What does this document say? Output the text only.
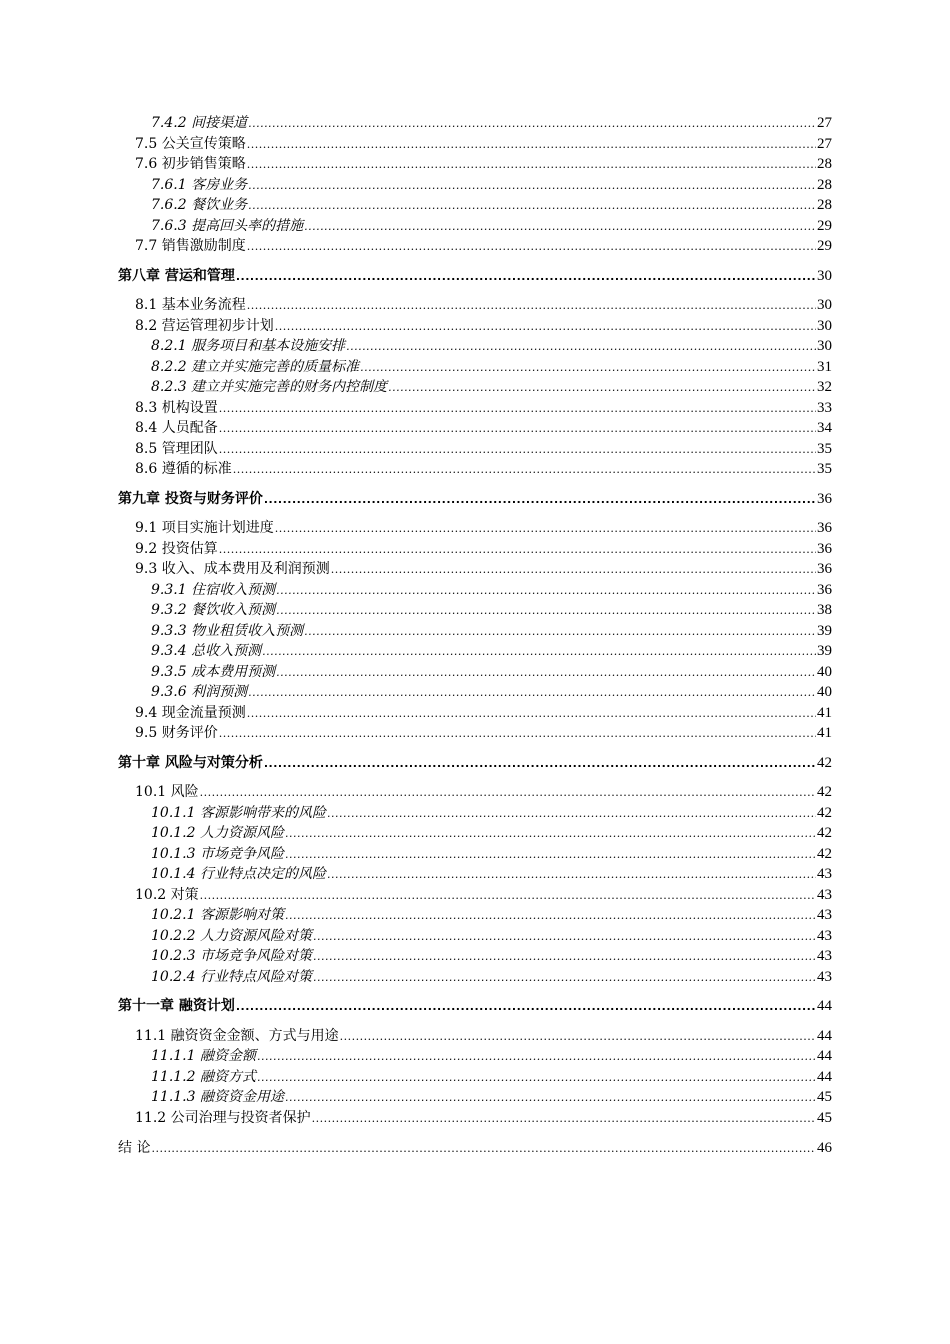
7.4.2 间接渠道 .....	27
7.5 公关宣传策略 .....	27
7.6 初步销售策略 .....	28
7.6.1 客房业务 .....	28
7.6.2 餐饮业务 .....	28
7.6.3 提高回头率的措施 .....	29
7.7 销售激励制度 .....	29
第八章 营运和管理 .....	30
8.1 基本业务流程 .....	30
8.2 营运管理初步计划 .....	30
8.2.1 服务项目和基本设施安排 .....	30
8.2.2 建立并实施完善的质量标准 .....	31
8.2.3 建立并实施完善的财务内控制度 .....	32
8.3 机构设置 .....	33
8.4 人员配备 .....	34
8.5 管理团队 .....	35
8.6 遵循的标准 .....	35
第九章 投资与财务评价 .....	36
9.1 项目实施计划进度 .....	36
9.2 投资估算 .....	36
9.3 收入、成本费用及利润预测 .....	36
9.3.1 住宿收入预测 .....	36
9.3.2 餐饮收入预测 .....	38
9.3.3 物业租赁收入预测 .....	39
9.3.4 总收入预测 .....	39
9.3.5 成本费用预测 .....	40
9.3.6 利润预测 .....	40
9.4 现金流量预测 .....	41
9.5 财务评价 .....	41
第十章 风险与对策分析 .....	42
10.1 风险 .....	42
10.1.1 客源影响带来的风险 .....	42
10.1.2 人力资源风险 .....	42
10.1.3 市场竞争风险 .....	42
10.1.4 行业特点决定的风险 .....	43
10.2 对策 .....	43
10.2.1 客源影响对策 .....	43
10.2.2 人力资源风险对策 .....	43
10.2.3 市场竞争风险对策 .....	43
10.2.4 行业特点风险对策 .....	43
第十一章 融资计划 .....	44
11.1 融资资金金额、方式与用途 .....	44
11.1.1 融资金额 .....	44
11.1.2 融资方式 .....	44
11.1.3 融资资金用途 .....	45
11.2 公司治理与投资者保护 .....	45
结 论 .....	46
